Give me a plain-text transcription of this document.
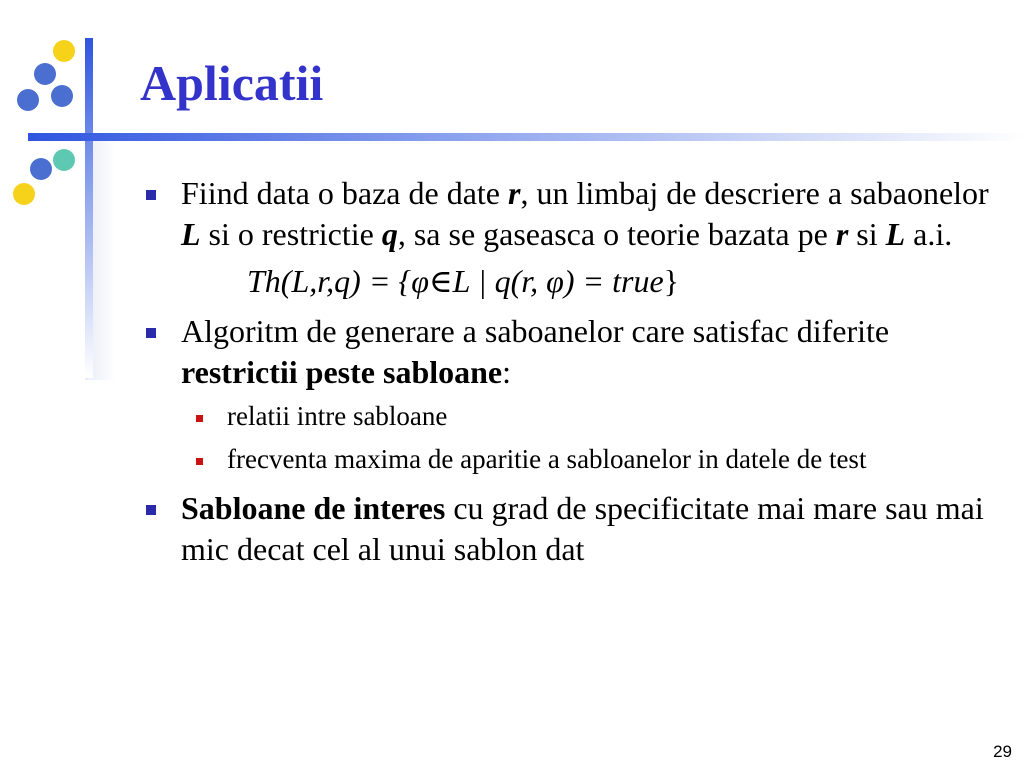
Aplicatii
Fiind data o baza de date r, un limbaj de descriere a sabaonelor L si o restrictie q, sa se gaseasca o teorie bazata pe r si L a.i.
Th(L,r,q) = {φ∈L | q(r, φ) = true}
Algoritm de generare a saboanelor care satisfac diferite restrictii peste sabloane:
relatii intre sabloane
frecventa maxima de aparitie a sabloanelor in datele de test
Sabloane de interes cu grad de specificitate mai mare sau mai mic decat cel al unui sablon dat
29
